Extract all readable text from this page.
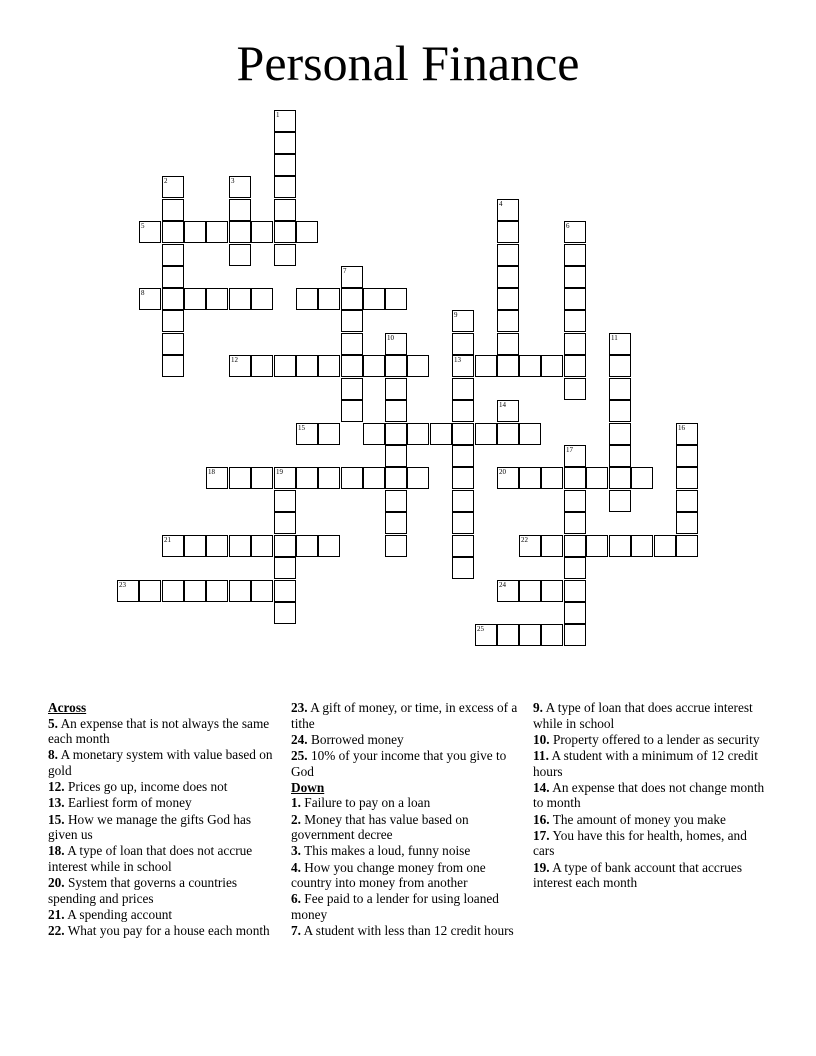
Personal Finance
1
2	3
4
5	6
7
8
9
10	11
12	13
14
15	16
17
18	19	20
21	22
23	24
25
Across
5. An expense that is not always the same each month
8. A monetary system with value based on gold
12. Prices go up, income does not
13. Earliest form of money
15. How we manage the gifts God has given us
18. A type of loan that does not accrue interest while in school
20. System that governs a countries spending and prices
21. A spending account
22. What you pay for a house each month
23. A gift of money, or time, in excess of a tithe
24. Borrowed money
25. 10% of your income that you give to God
Down
1. Failure to pay on a loan
2. Money that has value based on government decree
3. This makes a loud, funny noise
4. How you change money from one country into money from another
6. Fee paid to a lender for using loaned money
7. A student with less than 12 credit hours
9. A type of loan that does accrue interest while in school
10. Property offered to a lender as security
11. A student with a minimum of 12 credit hours
14. An expense that does not change month to month
16. The amount of money you make
17. You have this for health, homes, and cars
19. A type of bank account that accrues interest each month
